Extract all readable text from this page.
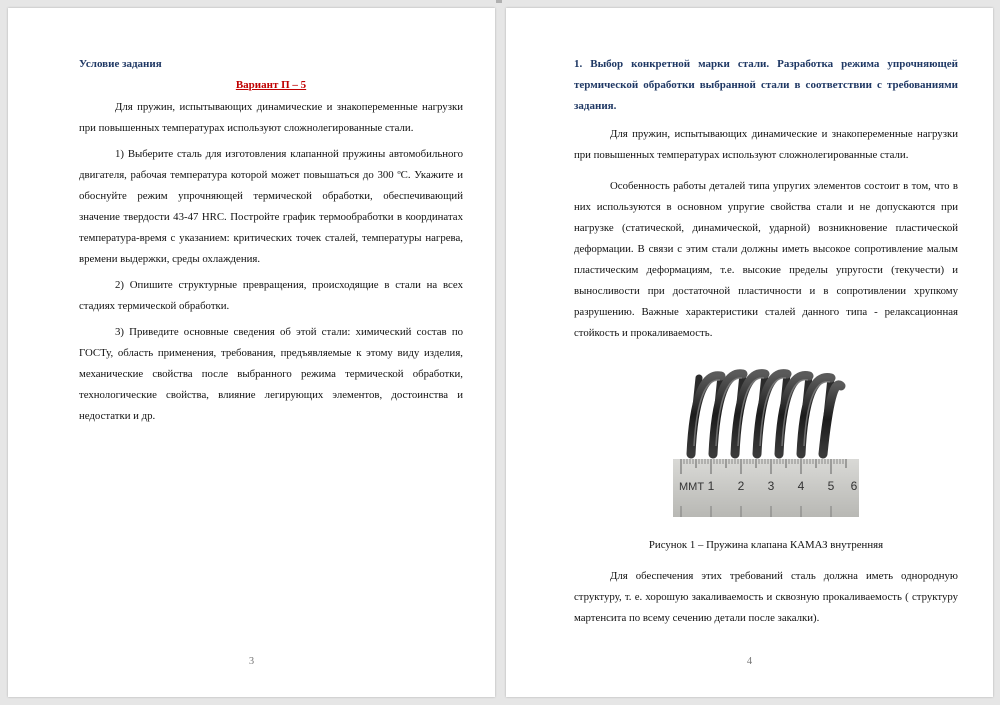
Условие задания

Вариант П – 5

Для пружин, испытывающих динамические и знакопеременные нагрузки при повышенных температурах используют сложнолегированные стали.

1) Выберите сталь для изготовления клапанной пружины автомобильного двигателя, рабочая температура которой может повышаться до 300 ºС. Укажите и обоснуйте режим упрочняющей термической обработки, обеспечивающий значение твердости 43-47 HRC. Постройте график термообработки в координатах температура-время с указанием: критических точек сталей, температуры нагрева, времени выдержки, среды охлаждения.

2) Опишите структурные превращения, происходящие в стали на всех стадиях термической обработки.

3) Приведите основные сведения об этой стали: химический состав по ГОСТу, область применения, требования, предъявляемые к этому виду изделия, механические свойства после выбранного режима термической обработки, технологические свойства, влияние легирующих элементов, достоинства и недостатки и др.

3

1. Выбор конкретной марки стали. Разработка режима упрочняющей термической обработки выбранной стали в соответствии с требованиями задания.

Для пружин, испытывающих динамические и знакопеременные нагрузки при повышенных температурах используют сложнолегированные стали.

Особенность работы деталей типа упругих элементов состоит в том, что в них используются в основном упругие свойства стали и не допускаются при нагрузке (статической, динамической, ударной) возникновение пластической деформации. В связи с этим стали должны иметь высокое сопротивление малым пластическим деформациям, т.е. высокие пределы упругости (текучести) и выносливости при достаточной пластичности и в сопротивлении хрупкому разрушению. Важные характеристики сталей данного типа - релаксационная стойкость и прокаливаемость.

MMT 1 2 3 4 5 6

Рисунок 1 – Пружина клапана КАМАЗ внутренняя

Для обеспечения этих требований сталь должна иметь однородную структуру, т. е. хорошую закаливаемость и сквозную прокаливаемость ( структуру мартенсита по всему сечению детали после закалки).

4
